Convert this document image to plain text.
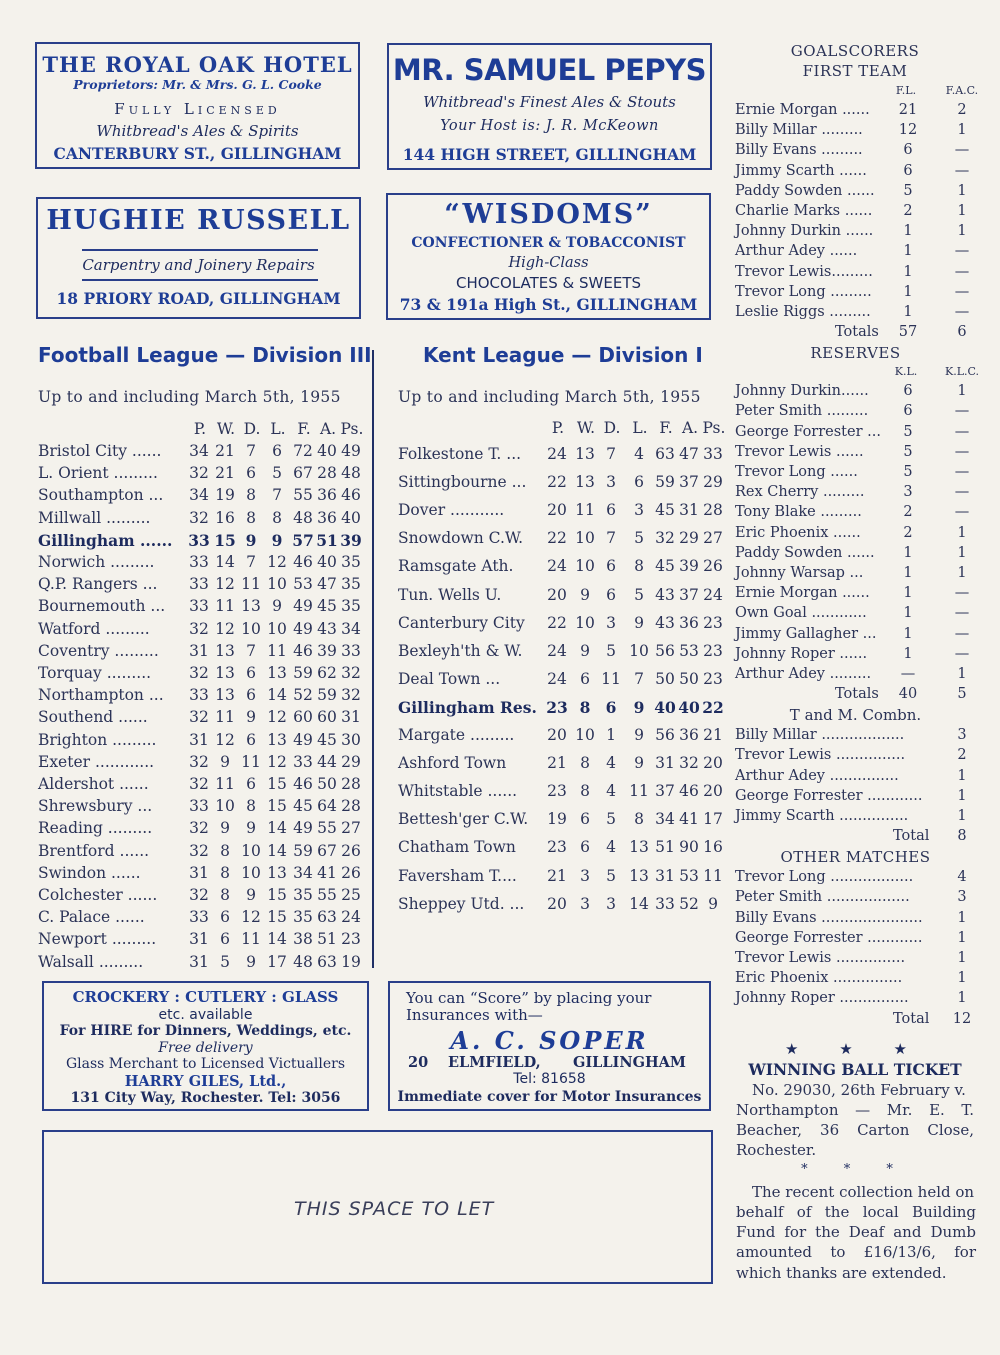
THE ROYAL OAK HOTEL
Proprietors: Mr. & Mrs. G. L. Cooke
Fully Licensed
Whitbread's Ales & Spirits
CANTERBURY ST., GILLINGHAM
MR. SAMUEL PEPYS
Whitbread's Finest Ales & Stouts
Your Host is: J. R. McKeown
144 HIGH STREET, GILLINGHAM
HUGHIE RUSSELL
Carpentry and Joinery Repairs
18 PRIORY ROAD, GILLINGHAM
“WISDOMS”
CONFECTIONER & TOBACCONIST
High-Class
CHOCOLATES & SWEETS
73 & 191a High St., GILLINGHAM
Football League — Division III
Up to and including March 5th, 1955
P. W. D. L. F. A. Ps.
Bristol City ...... 34 21 7	6 72 40 49
L. Orient ......... 32 21 6	5 67 28 48
Southampton ... 34 19 8	7 55 36 46
Millwall ......... 32 16 8	8 48 36 40
Gillingham ...... 33 15 9 9 57 51 39
Norwich ......... 33 14 7 12 46 40 35
Q.P. Rangers ... 33 12 11 10 53 47 35
Bournemouth ... 33 11 13 9 49 45 35
Watford .........	32 12 10 10 49 43 34
Coventry ......... 31 13 7 11 46 39 33
Torquay ......... 32 13 6 13 59 62 32
Northampton ... 33 13 6 14 52 59 32
Southend ......	32 11 9 12 60 60 31
Brighton ......... 31 12 6 13 49 45 30
Exeter ............ 32 9 11 12 33 44 29
Aldershot ......	32 11 6 15 46 50 28
Shrewsbury ... 33 10 8 15 45 64 28
Reading ......... 32 9	9 14 49 55 27
Brentford ......	32 8 10 14 59 67 26
Swindon ......	31 8 10 13 34 41 26
Colchester ...... 32 8	9 15 35 55 25
C. Palace ......	33 6 12 15 35 63 24
Newport ......... 31 6 11 14 38 51 23
Walsall .........	31 5	9 17 48 63 19
Kent League — Division I
Up to and including March 5th, 1955
P. W. D. L. F. A. Ps.
Folkestone T. ... 24 13 7	4 63 47 33
Sittingbourne ... 22 13 3	6 59 37 29
Dover ...........	20 11 6	3 45 31 28
Snowdown C.W. 22 10 7	5 32 29 27
Ramsgate Ath. 24 10 6	8 45 39 26
Tun. Wells U.	20 9	6	5 43 37 24
Canterbury City 22 10 3	9 43 36 23
Bexleyh'th & W. 24 9	5 10 56 53 23
Deal Town ...	24 6 11 7 50 50 23
Gillingham Res. 23 8 6	9 40 40 22
Margate ......... 20 10 1	9 56 36 21
Ashford Town	21 8	4	9 31 32 20
Whitstable ...... 23 8	4 11 37 46 20
Bettesh'ger C.W. 19 6	5	8 34 41 17
Chatham Town 23 6	4 13 51 90 16
Faversham T.... 21 3	5 13 31 53 11
Sheppey Utd. ... 20 3	3 14 33 52 9
CROCKERY : CUTLERY : GLASS
etc. available
For HIRE for Dinners, Weddings, etc.
Free delivery
Glass Merchant to Licensed Victuallers
HARRY GILES, Ltd.,
131 City Way, Rochester. Tel: 3056
You can “Score” by placing your
Insurances with—
A. C. SOPER
20 ELMFIELD, GILLINGHAM
Tel: 81658
Immediate cover for Motor Insurances
THIS SPACE TO LET
GOALSCORERS
FIRST TEAM
F.L.	F.A.C.
Ernie Morgan ...... 21	2
Billy Millar ......... 12	1
Billy Evans .........	6	—
Jimmy Scarth ......	6	—
Paddy Sowden ......	5	1
Charlie Marks ......	2	1
Johnny Durkin ......	1	1
Arthur Adey ......	1	—
Trevor Lewis.........	1	—
Trevor Long .........	1	—
Leslie Riggs .........	1	—
Totals 57	6
RESERVES
K.L.	K.L.C.
Johnny Durkin......	6	1
Peter Smith .........	6	—
George Forrester ...	5	—
Trevor Lewis ......	5	—
Trevor Long ......	5	—
Rex Cherry .........	3	—
Tony Blake .........	2	—
Eric Phoenix ......	2	1
Paddy Sowden ......	1	1
Johnny Warsap ...	1	1
Ernie Morgan ......	1	—
Own Goal ............	1	—
Jimmy Gallagher ...	1	—
Johnny Roper ......	1	—
Arthur Adey ......... —	1
Totals 40	5
T and M. Combn.
Billy Millar ..................	3
Trevor Lewis ...............	2
Arthur Adey ...............	1
George Forrester ............	1
Jimmy Scarth ...............	1
Total	8
OTHER MATCHES
Trevor Long ..................	4
Peter Smith ..................	3
Billy Evans ......................	1
George Forrester ............	1
Trevor Lewis ...............	1
Eric Phoenix ...............	1
Johnny Roper ...............	1
Total 12
★ ★ ★
WINNING BALL TICKET
No. 29030, 26th February v.
Northampton — Mr. E. T.
Beacher, 36 Carton Close,
Rochester.
* * *
The recent collection held on
behalf of the local Building
Fund for the Deaf and Dumb
amounted to £16/13/6, for
which thanks are extended.
